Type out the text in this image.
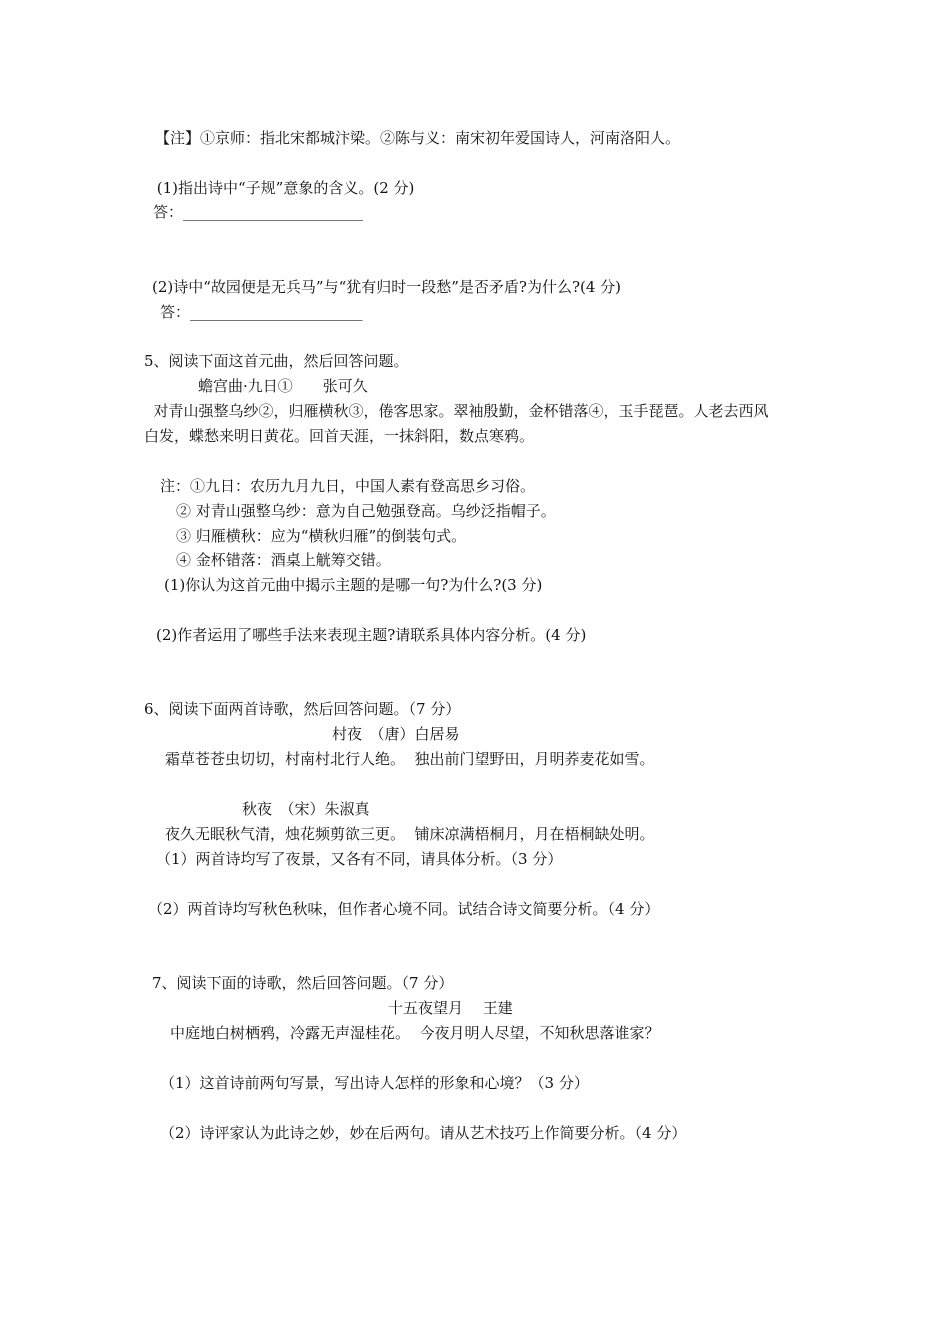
【注】①京师：指北宋都城汴梁。②陈与义：南宋初年爱国诗人，河南洛阳人。
(1)指出诗中“子规”意象的含义。(2 分)
答：________________________
(2)诗中“故园便是无兵马”与“犹有归时一段愁”是否矛盾?为什么?(4 分)
答：_______________________
5、阅读下面这首元曲，然后回答问题。
蟾宫曲·九日①　　张可久
对青山强整乌纱②，归雁横秋③，倦客思家。翠袖殷勤，金杯错落④，玉手琵琶。人老去西风
白发，蝶愁来明日黄花。回首天涯，一抹斜阳，数点寒鸦。
注：①九日：农历九月九日，中国人素有登高思乡习俗。
② 对青山强整乌纱：意为自己勉强登高。乌纱泛指帽子。
③ 归雁横秋：应为“横秋归雁”的倒装句式。
④ 金杯错落：酒桌上觥筹交错。
(1)你认为这首元曲中揭示主题的是哪一句?为什么?(3 分)
(2)作者运用了哪些手法来表现主题?请联系具体内容分析。(4 分)
6、阅读下面两首诗歌，然后回答问题。（7 分）
村夜　（唐）白居易
霜草苍苍虫切切，村南村北行人绝。  独出前门望野田，月明荞麦花如雪。
秋夜　（宋）朱淑真
夜久无眠秋气清，烛花频剪欲三更。  铺床凉满梧桐月，月在梧桐缺处明。
（1）两首诗均写了夜景，又各有不同，请具体分析。（3 分）
（2）两首诗均写秋色秋味，但作者心境不同。试结合诗文简要分析。（4 分）
7、阅读下面的诗歌，然后回答问题。（7 分）
十五夜望月　 王建
中庭地白树栖鸦，冷露无声湿桂花。  今夜月明人尽望，不知秋思落谁家？
（1）这首诗前两句写景，写出诗人怎样的形象和心境？（3 分）
（2）诗评家认为此诗之妙，妙在后两句。请从艺术技巧上作简要分析。（4 分）
